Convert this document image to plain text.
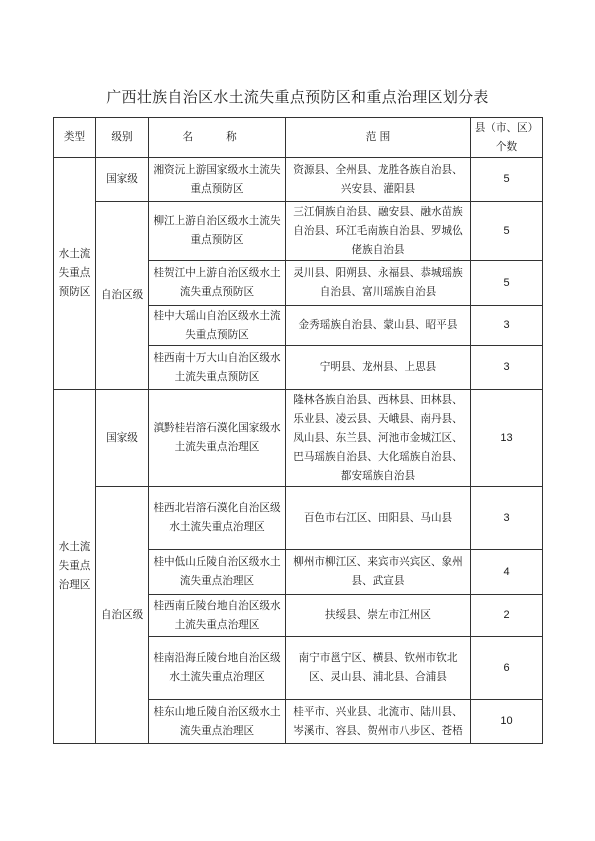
广西壮族自治区水土流失重点预防区和重点治理区划分表
类型	级别	名 称	范 围	县（市、区）个数
水土流失重点预防区	国家级	湘资沅上游国家级水土流失重点预防区	资源县、全州县、龙胜各族自治县、兴安县、灌阳县	5
	自治区级	柳江上游自治区级水土流失重点预防区	三江侗族自治县、融安县、融水苗族自治县、环江毛南族自治县、罗城仫佬族自治县	5
		桂贺江中上游自治区级水土流失重点预防区	灵川县、阳朔县、永福县、恭城瑶族自治县、富川瑶族自治县	5
		桂中大瑶山自治区级水土流失重点预防区	金秀瑶族自治县、蒙山县、昭平县	3
		桂西南十万大山自治区级水土流失重点预防区	宁明县、龙州县、上思县	3
水土流失重点治理区	国家级	滇黔桂岩溶石漠化国家级水土流失重点治理区	隆林各族自治县、西林县、田林县、乐业县、凌云县、天峨县、南丹县、凤山县、东兰县、河池市金城江区、巴马瑶族自治县、大化瑶族自治县、都安瑶族自治县	13
	自治区级	桂西北岩溶石漠化自治区级水土流失重点治理区	百色市右江区、田阳县、马山县	3
		桂中低山丘陵自治区级水土流失重点治理区	柳州市柳江区、来宾市兴宾区、象州县、武宣县	4
		桂西南丘陵台地自治区级水土流失重点治理区	扶绥县、崇左市江州区	2
		桂南沿海丘陵台地自治区级水土流失重点治理区	南宁市邕宁区、横县、钦州市钦北区、灵山县、浦北县、合浦县	6
		桂东山地丘陵自治区级水土流失重点治理区	桂平市、兴业县、北流市、陆川县、岑溪市、容县、贺州市八步区、苍梧	10
